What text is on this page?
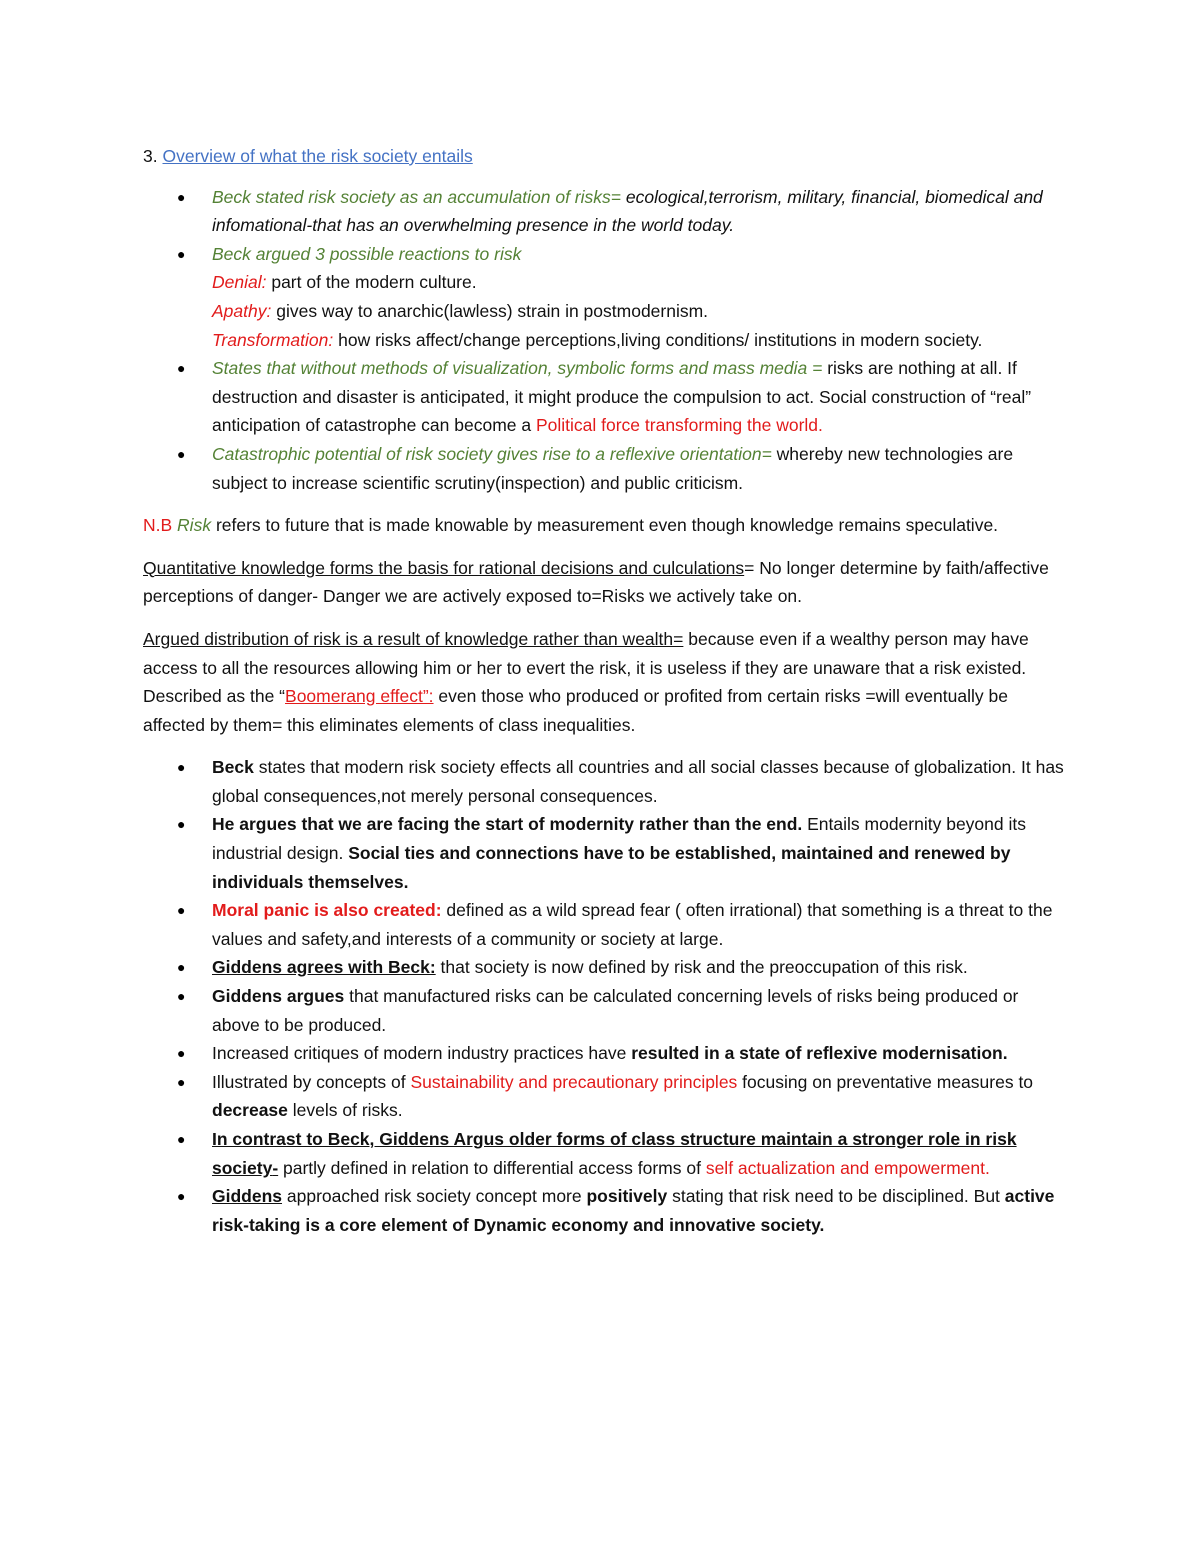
3. Overview of what the risk society entails

● Beck stated risk society as an accumulation of risks= ecological,terrorism, military, financial, biomedical and infomational-that has an overwhelming presence in the world today.
● Beck argued 3 possible reactions to risk
Denial: part of the modern culture.
Apathy: gives way to anarchic(lawless) strain in postmodernism.
Transformation: how risks affect/change perceptions,living conditions/ institutions in modern society.
● States that without methods of visualization, symbolic forms and mass media = risks are nothing at all. If destruction and disaster is anticipated, it might produce the compulsion to act. Social construction of “real” anticipation of catastrophe can become a Political force transforming the world.
● Catastrophic potential of risk society gives rise to a reflexive orientation= whereby new technologies are subject to increase scientific scrutiny(inspection) and public criticism.

N.B Risk refers to future that is made knowable by measurement even though knowledge remains speculative.

Quantitative knowledge forms the basis for rational decisions and culculations= No longer determine by faith/affective perceptions of danger- Danger we are actively exposed to=Risks we actively take on.

Argued distribution of risk is a result of knowledge rather than wealth= because even if a wealthy person may have access to all the resources allowing him or her to evert the risk, it is useless if they are unaware that a risk existed. Described as the “Boomerang effect”: even those who produced or profited from certain risks =will eventually be affected by them= this eliminates elements of class inequalities.

● Beck states that modern risk society effects all countries and all social classes because of globalization. It has global consequences,not merely personal consequences.
● He argues that we are facing the start of modernity rather than the end. Entails modernity beyond its industrial design. Social ties and connections have to be established, maintained and renewed by individuals themselves.
● Moral panic is also created: defined as a wild spread fear ( often irrational) that something is a threat to the values and safety,and interests of a community or society at large.
● Giddens agrees with Beck: that society is now defined by risk and the preoccupation of this risk.
● Giddens argues that manufactured risks can be calculated concerning levels of risks being produced or above to be produced.
● Increased critiques of modern industry practices have resulted in a state of reflexive modernisation.
● Illustrated by concepts of Sustainability and precautionary principles focusing on preventative measures to decrease levels of risks.
● In contrast to Beck, Giddens Argus older forms of class structure maintain a stronger role in risk society- partly defined in relation to differential access forms of self actualization and empowerment.
● Giddens approached risk society concept more positively stating that risk need to be disciplined. But active risk-taking is a core element of Dynamic economy and innovative society.
